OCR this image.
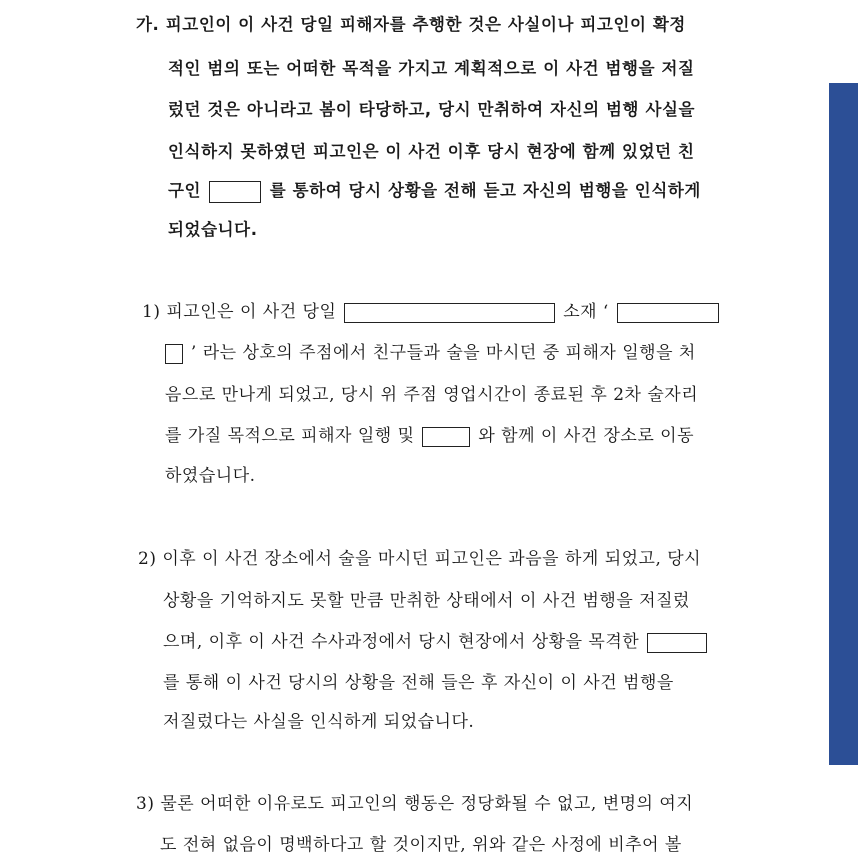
가. 피고인이 이 사건 당일 피해자를 추행한 것은 사실이나 피고인이 확정
적인 범의 또는 어떠한 목적을 가지고 계획적으로 이 사건 범행을 저질
렀던 것은 아니라고 봄이 타당하고, 당시 만취하여 자신의 범행 사실을
인식하지 못하였던 피고인은 이 사건 이후 당시 현장에 함께 있었던 친
구인	를 통하여 당시 상황을 전해 듣고 자신의 범행을 인식하게
되었습니다.
1) 피고인은 이 사건 당일	소재 ‘
’ 라는 상호의 주점에서 친구들과 술을 마시던 중 피해자 일행을 처
음으로 만나게 되었고, 당시 위 주점 영업시간이 종료된 후 2차 술자리
를 가질 목적으로 피해자 일행 및	와 함께 이 사건 장소로 이동
하였습니다.
2) 이후 이 사건 장소에서 술을 마시던 피고인은 과음을 하게 되었고, 당시
상황을 기억하지도 못할 만큼 만취한 상태에서 이 사건 범행을 저질렀
으며, 이후 이 사건 수사과정에서 당시 현장에서 상황을 목격한
를 통해 이 사건 당시의 상황을 전해 들은 후 자신이 이 사건 범행을
저질렀다는 사실을 인식하게 되었습니다.
3) 물론 어떠한 이유로도 피고인의 행동은 정당화될 수 없고, 변명의 여지
도 전혀 없음이 명백하다고 할 것이지만, 위와 같은 사정에 비추어 볼
